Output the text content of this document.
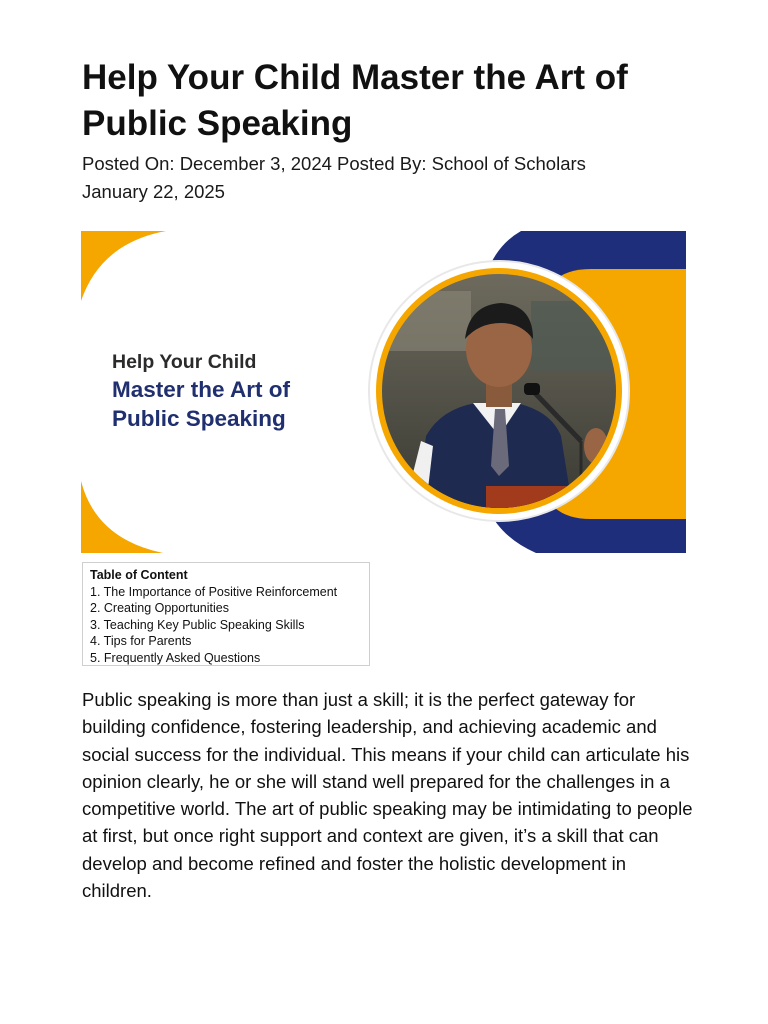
Help Your Child Master the Art of Public Speaking
Posted On: December 3, 2024 Posted By: School of Scholars
January 22, 2025
Help Your Child
Master the Art of
Public Speaking
Table of Content
1. The Importance of Positive Reinforcement
2. Creating Opportunities
3. Teaching Key Public Speaking Skills
4. Tips for Parents
5. Frequently Asked Questions

Public speaking is more than just a skill; it is the perfect gateway for building confidence, fostering leadership, and achieving academic and social success for the individual. This means if your child can articulate his opinion clearly, he or she will stand well prepared for the challenges in a competitive world. The art of public speaking may be intimidating to people at first, but once right support and context are given, it’s a skill that can develop and become refined and foster the holistic development in children.
